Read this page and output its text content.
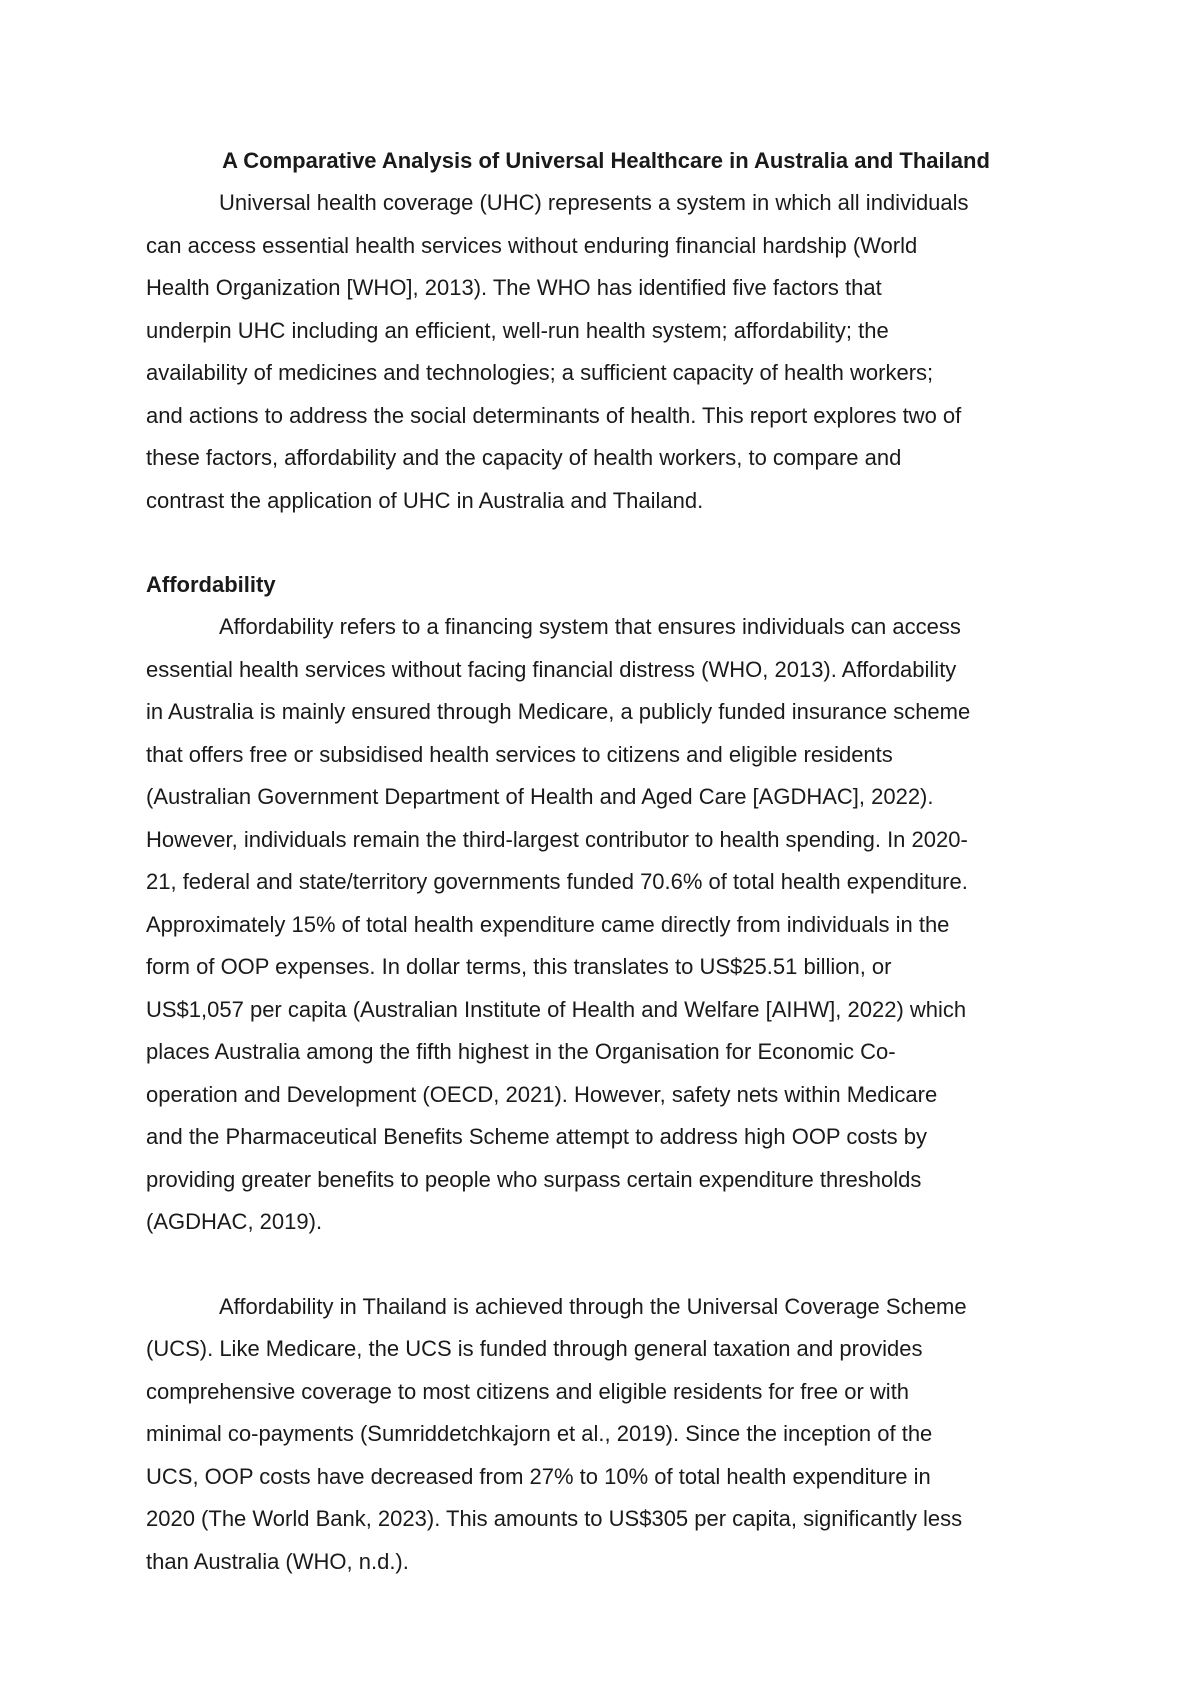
A Comparative Analysis of Universal Healthcare in Australia and Thailand

Universal health coverage (UHC) represents a system in which all individuals
can access essential health services without enduring financial hardship (World
Health Organization [WHO], 2013). The WHO has identified five factors that
underpin UHC including an efficient, well-run health system; affordability; the
availability of medicines and technologies; a sufficient capacity of health workers;
and actions to address the social determinants of health. This report explores two of
these factors, affordability and the capacity of health workers, to compare and
contrast the application of UHC in Australia and Thailand.

Affordability

Affordability refers to a financing system that ensures individuals can access
essential health services without facing financial distress (WHO, 2013). Affordability
in Australia is mainly ensured through Medicare, a publicly funded insurance scheme
that offers free or subsidised health services to citizens and eligible residents
(Australian Government Department of Health and Aged Care [AGDHAC], 2022).
However, individuals remain the third-largest contributor to health spending. In 2020-
21, federal and state/territory governments funded 70.6% of total health expenditure.
Approximately 15% of total health expenditure came directly from individuals in the
form of OOP expenses. In dollar terms, this translates to US$25.51 billion, or
US$1,057 per capita (Australian Institute of Health and Welfare [AIHW], 2022) which
places Australia among the fifth highest in the Organisation for Economic Co-
operation and Development (OECD, 2021). However, safety nets within Medicare
and the Pharmaceutical Benefits Scheme attempt to address high OOP costs by
providing greater benefits to people who surpass certain expenditure thresholds
(AGDHAC, 2019).

Affordability in Thailand is achieved through the Universal Coverage Scheme
(UCS). Like Medicare, the UCS is funded through general taxation and provides
comprehensive coverage to most citizens and eligible residents for free or with
minimal co-payments (Sumriddetchkajorn et al., 2019). Since the inception of the
UCS, OOP costs have decreased from 27% to 10% of total health expenditure in
2020 (The World Bank, 2023). This amounts to US$305 per capita, significantly less
than Australia (WHO, n.d.).
